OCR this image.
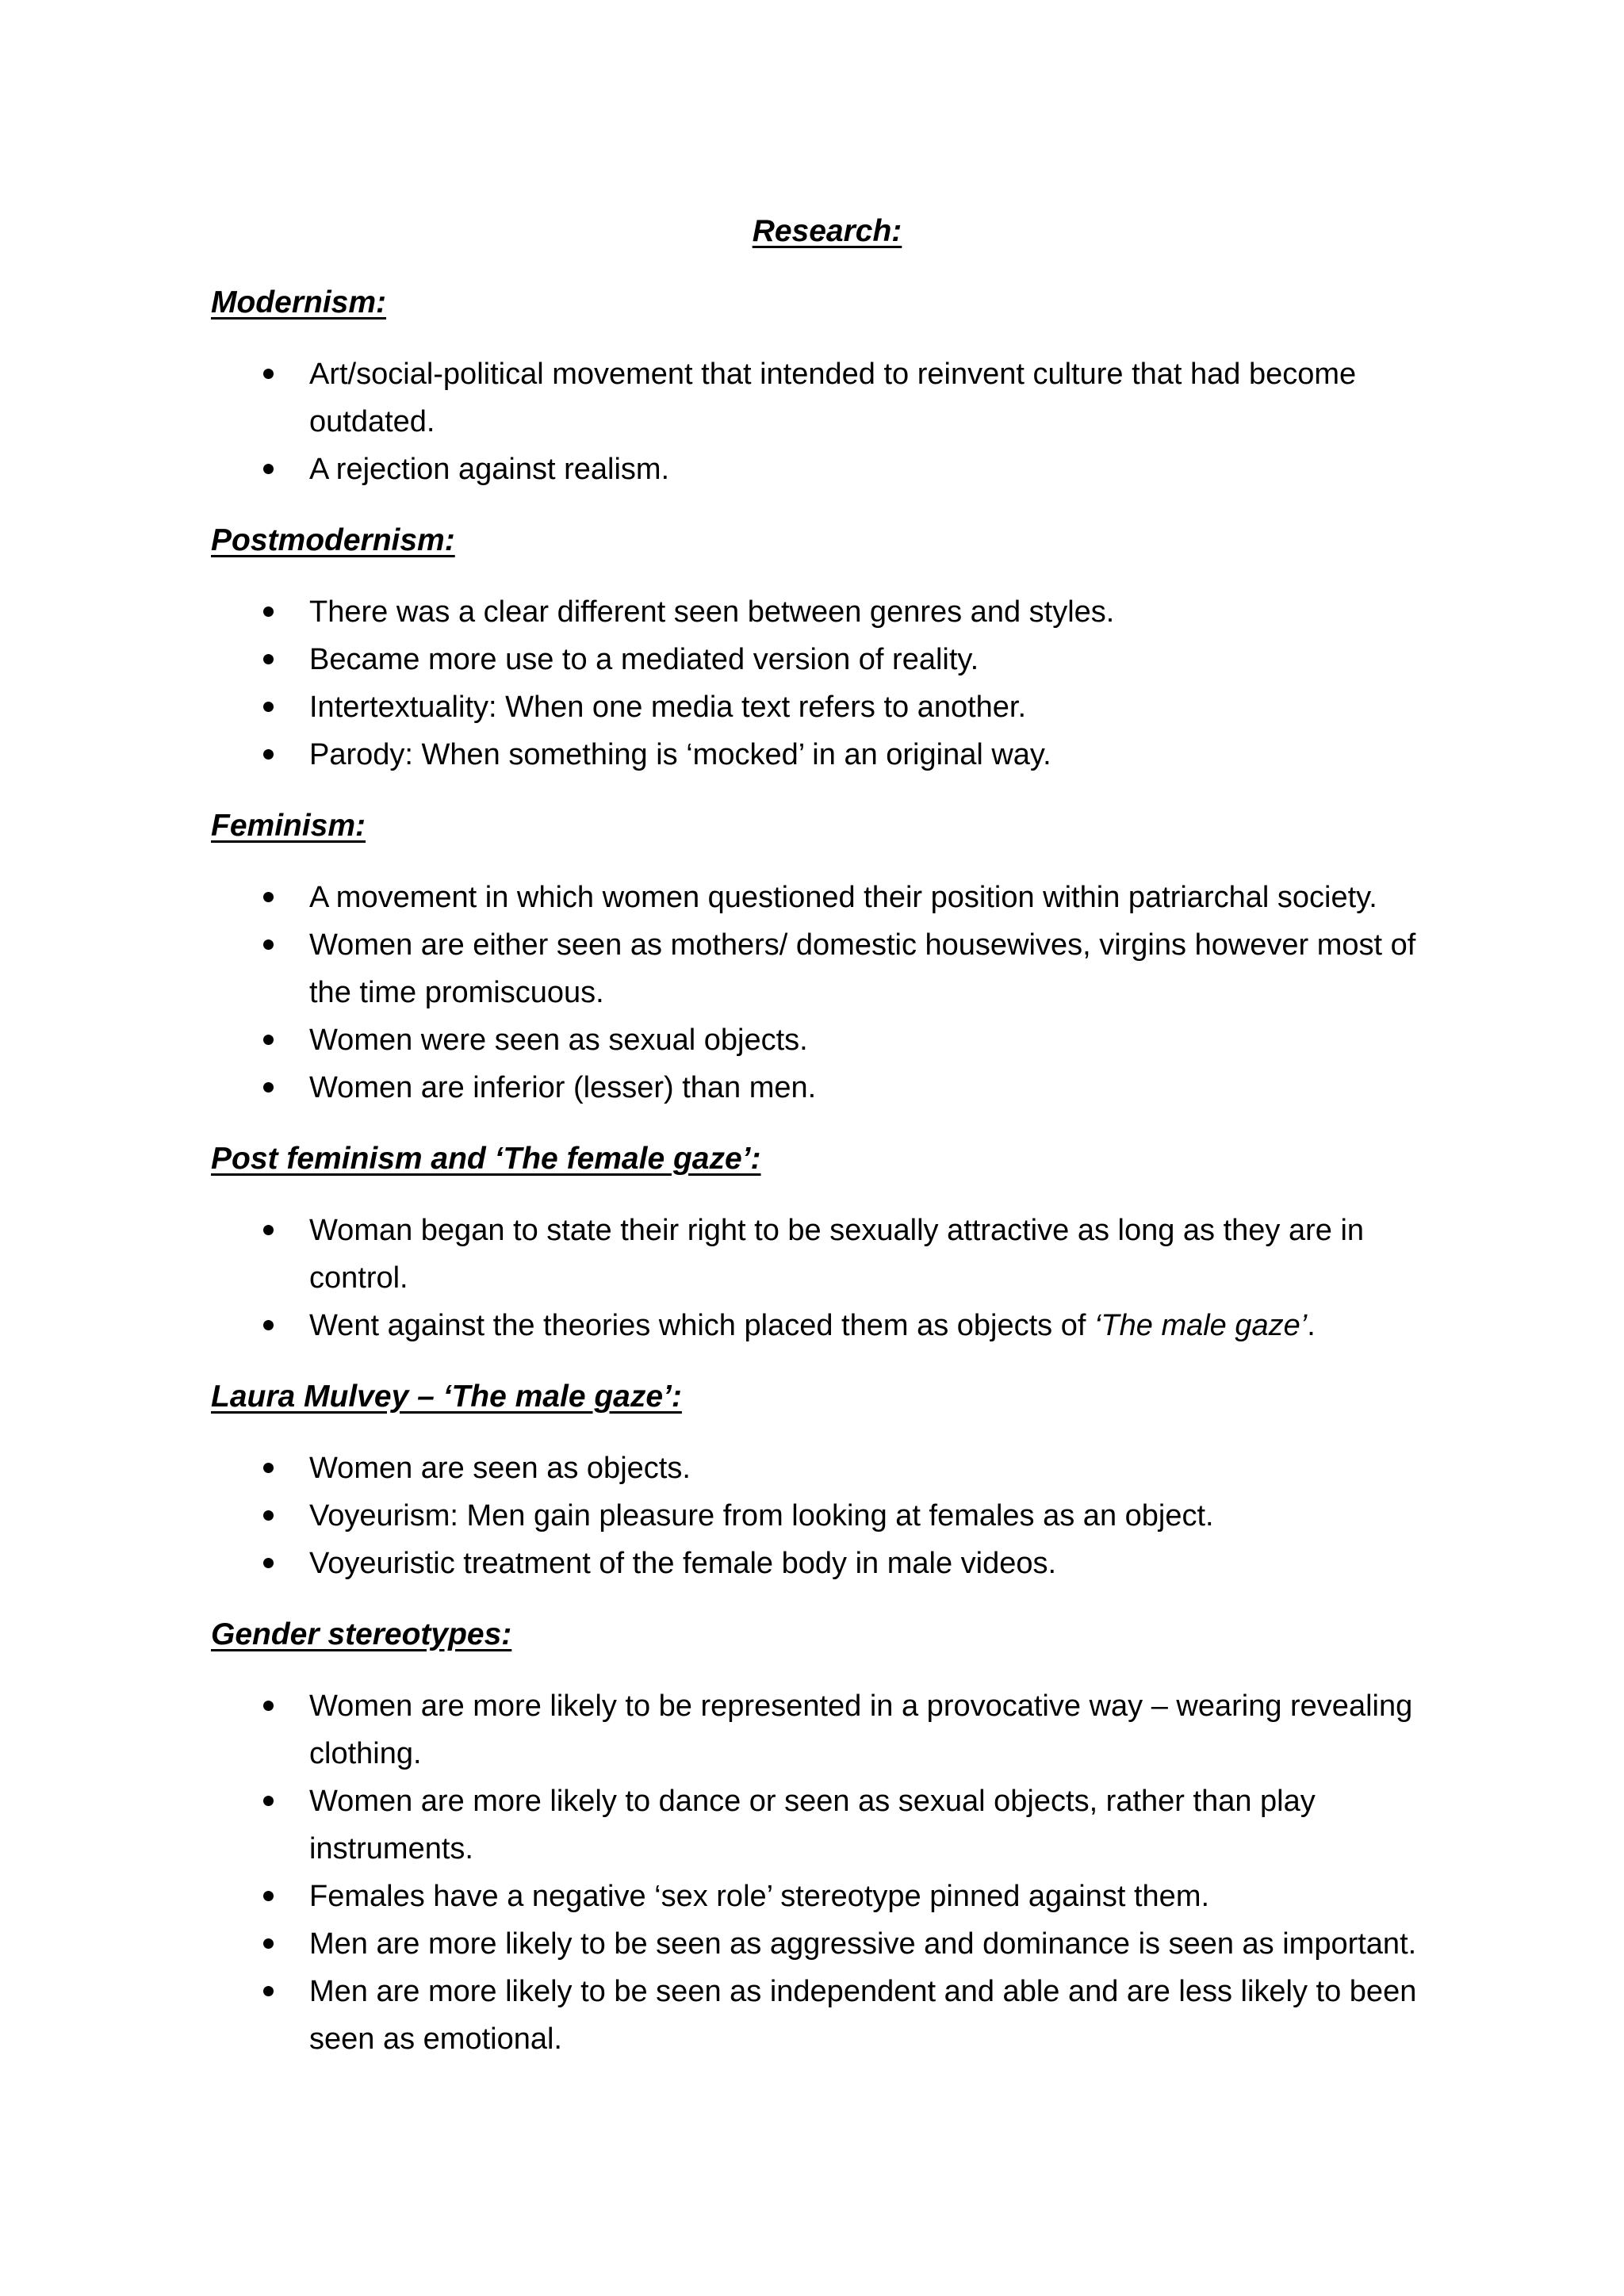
Research:
Modernism:
Art/social-political movement that intended to reinvent culture that had become outdated.
A rejection against realism.
Postmodernism:
There was a clear different seen between genres and styles.
Became more use to a mediated version of reality.
Intertextuality: When one media text refers to another.
Parody: When something is ‘mocked’ in an original way.
Feminism:
A movement in which women questioned their position within patriarchal society.
Women are either seen as mothers/ domestic housewives, virgins however most of the time promiscuous.
Women were seen as sexual objects.
Women are inferior (lesser) than men.
Post feminism and ‘The female gaze’:
Woman began to state their right to be sexually attractive as long as they are in control.
Went against the theories which placed them as objects of ‘The male gaze’.
Laura Mulvey – ‘The male gaze’:
Women are seen as objects.
Voyeurism: Men gain pleasure from looking at females as an object.
Voyeuristic treatment of the female body in male videos.
Gender stereotypes:
Women are more likely to be represented in a provocative way – wearing revealing clothing.
Women are more likely to dance or seen as sexual objects, rather than play instruments.
Females have a negative ‘sex role’ stereotype pinned against them.
Men are more likely to be seen as aggressive and dominance is seen as important.
Men are more likely to be seen as independent and able and are less likely to been seen as emotional.
